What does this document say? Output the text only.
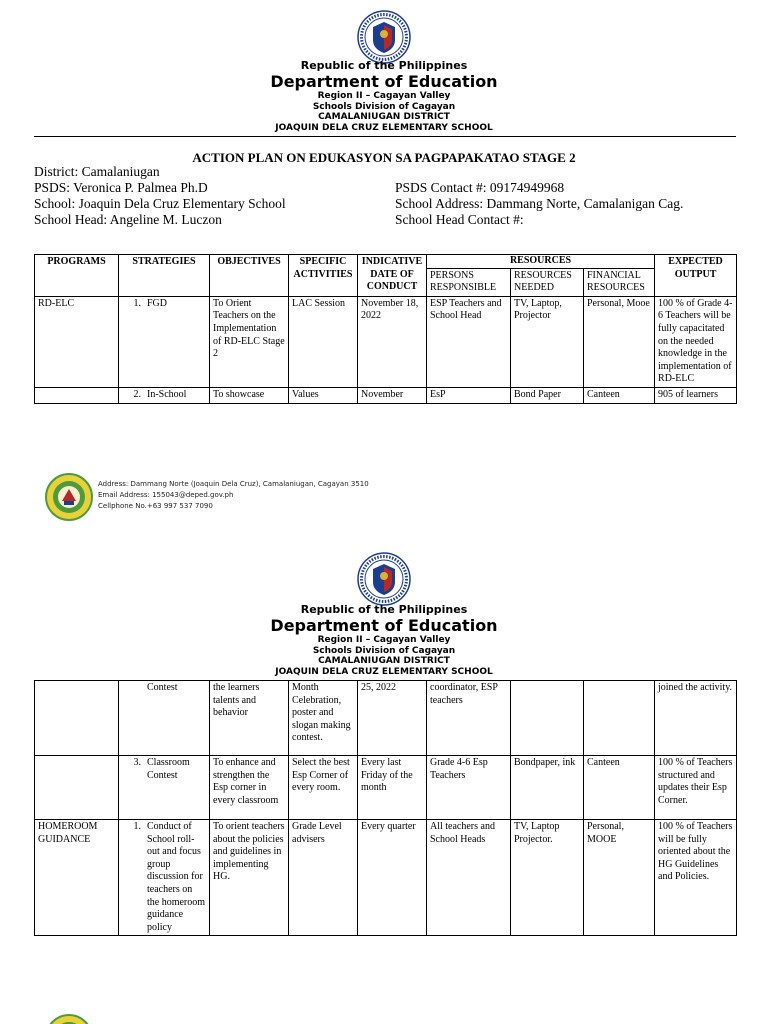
Republic of the Philippines
Department of Education
Region II – Cagayan Valley
Schools Division of Cagayan
CAMALANIUGAN DISTRICT
JOAQUIN DELA CRUZ ELEMENTARY SCHOOL
ACTION PLAN ON EDUKASYON SA PAGPAPAKATAO STAGE 2
District: Camalaniugan
PSDS: Veronica P. Palmea Ph.D	PSDS Contact #: 09174949968
School: Joaquin Dela Cruz Elementary School	School Address: Dammang Norte, Camalanigan Cag.
School Head: Angeline M. Luczon	School Head Contact #:
PROGRAMS	STRATEGIES	OBJECTIVES	SPECIFIC ACTIVITIES	INDICATIVE DATE OF CONDUCT	RESOURCES			EXPECTED OUTPUT
					PERSONS RESPONSIBLE	RESOURCES NEEDED	FINANCIAL RESOURCES	
RD-ELC	1. FGD	To Orient Teachers on the Implementation of RD-ELC Stage 2	LAC Session	November 18, 2022	ESP Teachers and School Head	TV, Laptop, Projector	Personal, Mooe	100 % of Grade 4-6 Teachers will be fully capacitated on the needed knowledge in the implementation of RD-ELC

	2. In-School	To showcase	Values	November	EsP	Bond Paper	Canteen	905 of learners
Address: Dammang Norte (Joaquin Dela Cruz), Camalaniugan, Cagayan 3510
Email Address: 155043@deped.gov.ph
Cellphone No.+63 997 537 7090
Republic of the Philippines
Department of Education
Region II – Cagayan Valley
Schools Division of Cagayan
CAMALANIUGAN DISTRICT
JOAQUIN DELA CRUZ ELEMENTARY SCHOOL

	Contest	the learners talents and behavior	Month Celebration, poster and slogan making contest.	25, 2022	coordinator, ESP teachers			joined the activity.

	3. Classroom Contest	To enhance and strengthen the Esp corner in every classroom	Select the best Esp Corner of every room.	Every last Friday of the month	Grade 4-6 Esp Teachers	Bondpaper, ink	Canteen	100 % of Teachers structured and updates their Esp Corner.
HOMEROOM GUIDANCE	1. Conduct of School roll-out and focus group discussion for teachers on the homeroom guidance policy	To orient teachers about the policies and guidelines in implementing HG.	Grade Level advisers	Every quarter	All teachers and School Heads	TV, Laptop Projector.	Personal, MOOE	100 % of Teachers will be fully oriented about the HG Guidelines and Policies.
